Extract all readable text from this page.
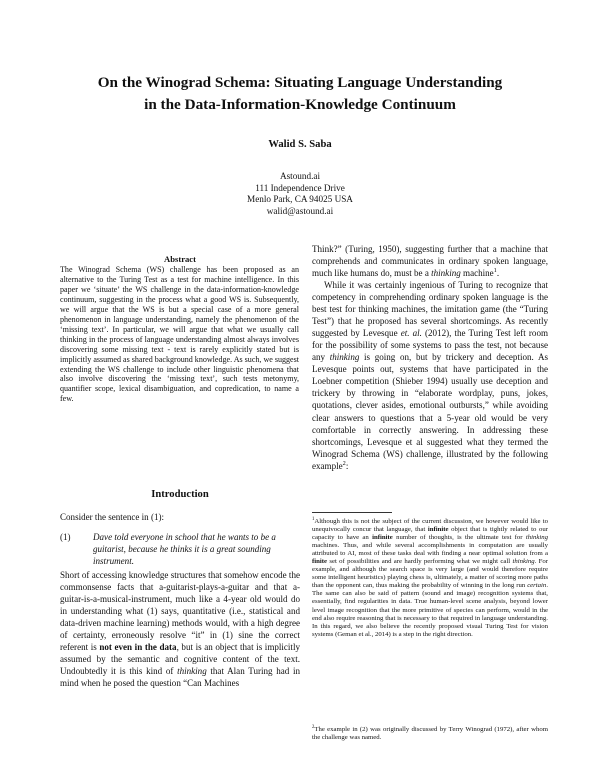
On the Winograd Schema: Situating Language Understanding
in the Data-Information-Knowledge Continuum
Walid S. Saba
Astound.ai
111 Independence Drive
Menlo Park, CA 94025 USA
walid@astound.ai
Abstract
The Winograd Schema (WS) challenge has been proposed as an alternative to the Turing Test as a test for machine intelligence. In this paper we ‘situate’ the WS challenge in the data-information-knowledge continuum, suggesting in the process what a good WS is. Subsequently, we will argue that the WS is but a special case of a more general phenomenon in language understanding, namely the phenomenon of the ‘missing text’. In particular, we will argue that what we usually call thinking in the process of language understanding almost always involves discovering some missing text - text is rarely explicitly stated but is implicitly assumed as shared background knowledge. As such, we suggest extending the WS challenge to include other linguistic phenomena that also involve discovering the ‘missing text’, such tests metonymy, quantifier scope, lexical disambiguation, and copredication, to name a few.
Introduction
Consider the sentence in (1):
(1) Dave told everyone in school that he wants to be a guitarist, because he thinks it is a great sounding instrument.
Short of accessing knowledge structures that somehow encode the commonsense facts that a-guitarist-plays-a-guitar and that a-guitar-is-a-musical-instrument, much like a 4-year old would do in understanding what (1) says, quantitative (i.e., statistical and data-driven machine learning) methods would, with a high degree of certainty, erroneously resolve “it” in (1) sine the correct referent is not even in the data, but is an object that is implicitly assumed by the semantic and cognitive content of the text. Undoubtedly it is this kind of thinking that Alan Turing had in mind when he posed the question “Can Machines
Think?” (Turing, 1950), suggesting further that a machine that comprehends and communicates in ordinary spoken language, much like humans do, must be a thinking machine$^1$.
While it was certainly ingenious of Turing to recognize that competency in comprehending ordinary spoken language is the best test for thinking machines, the imitation game (the “Turing Test”) that he proposed has several shortcomings. As recently suggested by Levesque et. al. (2012), the Turing Test left room for the possibility of some systems to pass the test, not because any thinking is going on, but by trickery and deception. As Levesque points out, systems that have participated in the Loebner competition (Shieber 1994) usually use deception and trickery by throwing in “elaborate wordplay, puns, jokes, quotations, clever asides, emotional outbursts,” while avoiding clear answers to questions that a 5-year old would be very comfortable in correctly answering. In addressing these shortcomings, Levesque et al suggested what they termed the Winograd Schema (WS) challenge, illustrated by the following example$^2$:
$^1$Although this is not the subject of the current discussion, we however would like to unequivocally concur that language, that infinite object that is tightly related to our capacity to have an infinite number of thoughts, is the ultimate test for thinking machines. Thus, and while several accomplishments in computation are usually attributed to AI, most of these tasks deal with finding a near optimal solution from a finite set of possibilities and are hardly performing what we might call thinking. For example, and although the search space is very large (and would therefore require some intelligent heuristics) playing chess is, ultimately, a matter of scoring more paths than the opponent can, thus making the probability of winning in the long run certain. The same can also be said of pattern (sound and image) recognition systems that, essentially, find regularities in data. True human-level scene analysis, beyond lower level image recognition that the more primitive of species can perform, would in the end also require reasoning that is necessary to that required in language understanding. In this regard, we also believe the recently proposed visual Turing Test for vision systems (Geman et al., 2014) is a step in the right direction.
$^2$The example in (2) was originally discussed by Terry Winograd (1972), after whom the challenge was named.
